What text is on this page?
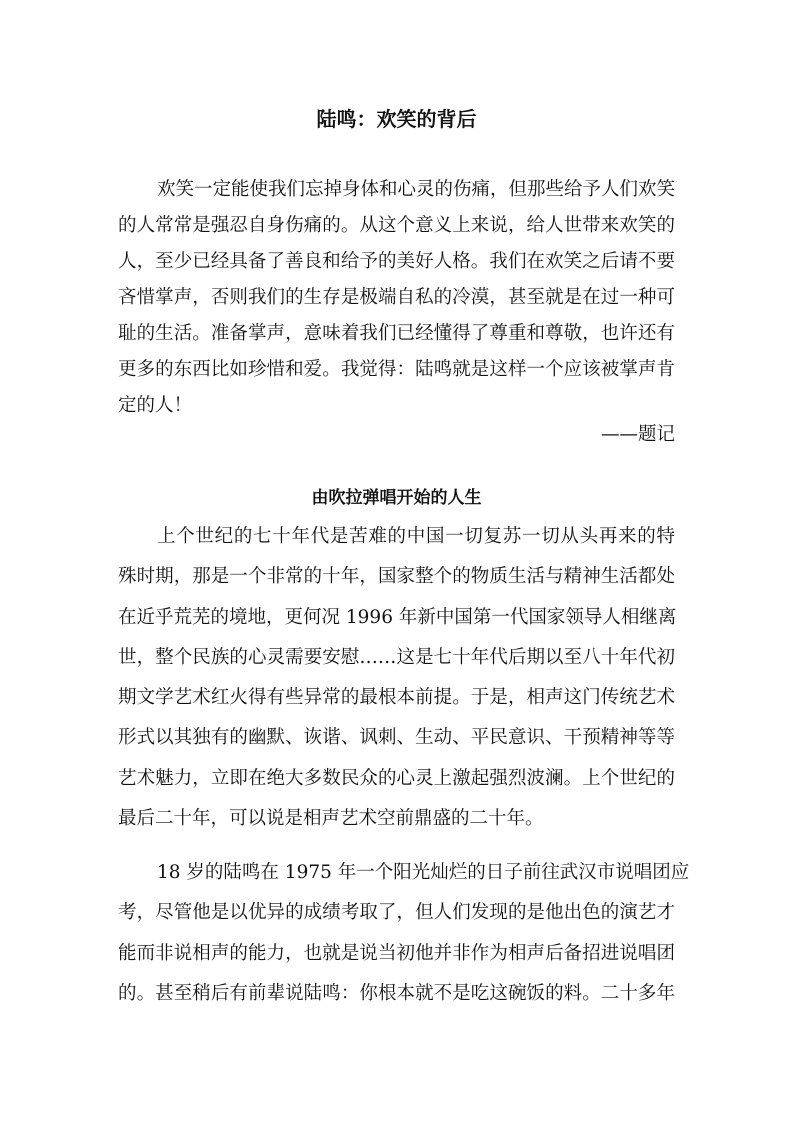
陆鸣：欢笑的背后
欢笑一定能使我们忘掉身体和心灵的伤痛，但那些给予人们欢笑
的人常常是强忍自身伤痛的。从这个意义上来说，给人世带来欢笑的
人，至少已经具备了善良和给予的美好人格。我们在欢笑之后请不要
吝惜掌声，否则我们的生存是极端自私的冷漠，甚至就是在过一种可
耻的生活。准备掌声，意味着我们已经懂得了尊重和尊敬，也许还有
更多的东西比如珍惜和爱。我觉得：陆鸣就是这样一个应该被掌声肯
定的人！
——题记
由吹拉弹唱开始的人生
上个世纪的七十年代是苦难的中国一切复苏一切从头再来的特
殊时期，那是一个非常的十年，国家整个的物质生活与精神生活都处
在近乎荒芜的境地，更何况 1996 年新中国第一代国家领导人相继离
世，整个民族的心灵需要安慰……这是七十年代后期以至八十年代初
期文学艺术红火得有些异常的最根本前提。于是，相声这门传统艺术
形式以其独有的幽默、诙谐、讽刺、生动、平民意识、干预精神等等
艺术魅力，立即在绝大多数民众的心灵上激起强烈波澜。上个世纪的
最后二十年，可以说是相声艺术空前鼎盛的二十年。
18 岁的陆鸣在 1975 年一个阳光灿烂的日子前往武汉市说唱团应
考，尽管他是以优异的成绩考取了，但人们发现的是他出色的演艺才
能而非说相声的能力，也就是说当初他并非作为相声后备招进说唱团
的。甚至稍后有前辈说陆鸣：你根本就不是吃这碗饭的料。二十多年
